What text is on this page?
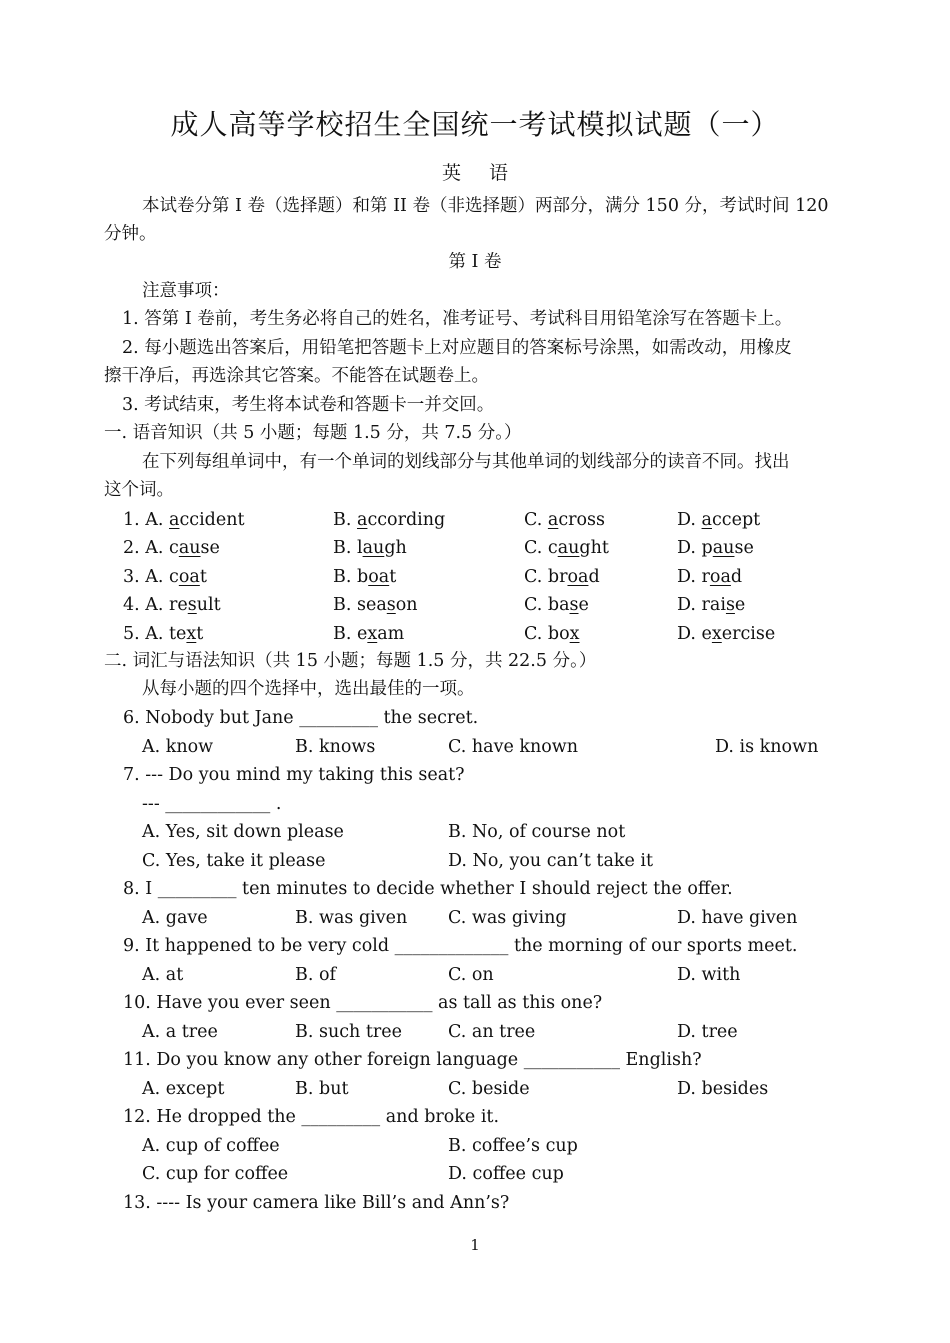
成人高等学校招生全国统一考试模拟试题（一）
英 语
本试卷分第 I 卷（选择题）和第 II 卷（非选择题）两部分，满分 150 分，考试时间 120
分钟。
第 I 卷
注意事项：
1. 答第 I 卷前，考生务必将自己的姓名，准考证号、考试科目用铅笔涂写在答题卡上。
2. 每小题选出答案后，用铅笔把答题卡上对应题目的答案标号涂黑，如需改动，用橡皮
擦干净后，再选涂其它答案。不能答在试题卷上。
3. 考试结束，考生将本试卷和答题卡一并交回。
一. 语音知识（共 5 小题；每题 1.5 分，共 7.5 分。）
在下列每组单词中，有一个单词的划线部分与其他单词的划线部分的读音不同。找出
这个词。
1. A. accident	B. according	C. across	D. accept
2. A. cause	B. laugh	C. caught	D. pause
3. A. coat	B. boat	C. broad	D. road
4. A. result	B. season	C. base	D. raise
5. A. text	B. exam	C. box	D. exercise
二. 词汇与语法知识（共 15 小题；每题 1.5 分，共 22.5 分。）
从每小题的四个选择中，选出最佳的一项。
6. Nobody but Jane _________ the secret.
A. know	B. knows	C. have known	D. is known
7. --- Do you mind my taking this seat?
--- ____________ .
A. Yes, sit down please	B. No, of course not
C. Yes, take it please	D. No, you can’t take it
8. I _________ ten minutes to decide whether I should reject the offer.
A. gave	B. was given C. was giving	D. have given
9. It happened to be very cold _____________ the morning of our sports meet.
A. at	B. of	C. on	D. with
10. Have you ever seen ___________ as tall as this one?
A. a tree	B. such tree	C. an tree	D. tree
11. Do you know any other foreign language ___________ English?
A. except	B. but	C. beside	D. besides
12. He dropped the _________ and broke it.
A. cup of coffee	B. coffee’s cup
C. cup for coffee	D. coffee cup
13. ---- Is your camera like Bill’s and Ann’s?
1
